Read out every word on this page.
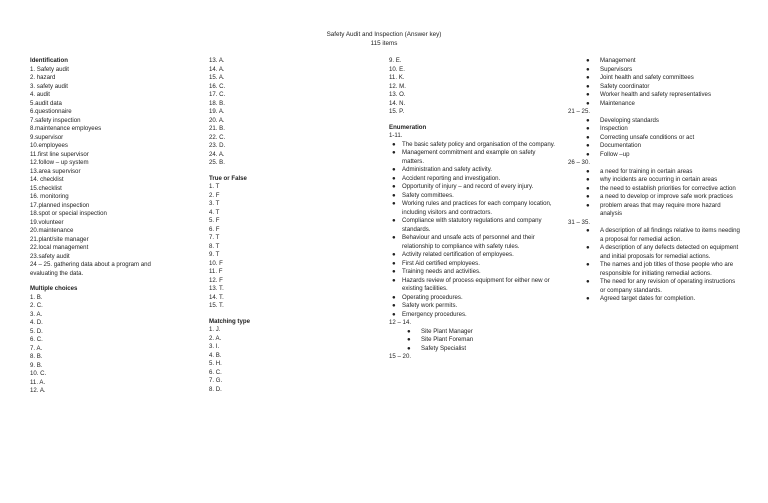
Safety Audit and Inspection (Answer key)
115 items
Identification
1. Safety audit
2. hazard
3. safety audit
4. audit
5.audit data
6.questionnaire
7.safety inspection
8.maintenance employees
9.supervisor
10.employees
11.first line supervisor
12.follow – up system
13.area supervisor
14. checklist
15.checklist
16. monitoring
17.planned inspection
18.spot or special inspection
19.volunteer
20.maintenance
21.plant/site manager
22.local management
23.safety audit
24 – 25. gathering data about a program and evaluating the data.
Multiple choices
1. B.
2. C.
3. A.
4. D.
5. D.
6. C.
7. A.
8. B.
9. B.
10. C.
11. A.
12. A.
13. A.
14. A.
15. A.
16. C.
17. C.
18. B.
19. A.
20. A.
21. B.
22. C.
23. D.
24. A.
25. B.
True or False
1. T
2. F
3. T
4. T
5. F
6. F
7. T
8. T
9. T
10. F
11. F
12. F
13. T.
14. T.
15. T.
Matching type
1. J.
2. A.
3. I.
4. B.
5. H.
6. C.
7. G.
8. D.
9. E.
10. E.
11. K.
12. M.
13. O.
14. N.
15. P.
Enumeration
1-11.
● The basic safety policy and organisation of the company.
● Management commitment and example on safety matters.
● Administration and safety activity.
● Accident reporting and investigation.
● Opportunity of injury – and record of every injury.
● Safety committees.
● Working rules and practices for each company location, including visitors and contractors.
● Compliance with statutory regulations and company standards.
● Behaviour and unsafe acts of personnel and their relationship to compliance with safety rules.
● Activity related certification of employees.
● First Aid certified employees.
● Training needs and activities.
● Hazards review of process equipment for either new or existing facilities.
● Operating procedures.
● Safety work permits.
● Emergency procedures.
12 – 14.
● Site Plant Manager
● Site Plant Foreman
● Safety Specialist
15 – 20.
● Management
● Supervisors
● Joint health and safety committees
● Safety coordinator
● Worker health and safety representatives
● Maintenance
21 – 25.
● Developing standards
● Inspection
● Correcting unsafe conditions or act
● Documentation
● Follow –up
26 – 30.
● a need for training in certain areas
● why incidents are occurring in certain areas
● the need to establish priorities for corrective action
● a need to develop or improve safe work practices
● problem areas that may require more hazard analysis
31 – 35.
● A description of all findings relative to items needing a proposal for remedial action.
● A description of any defects detected on equipment and initial proposals for remedial actions.
● The names and job titles of those people who are responsible for initiating remedial actions.
● The need for any revision of operating instructions or company standards.
● Agreed target dates for completion.
